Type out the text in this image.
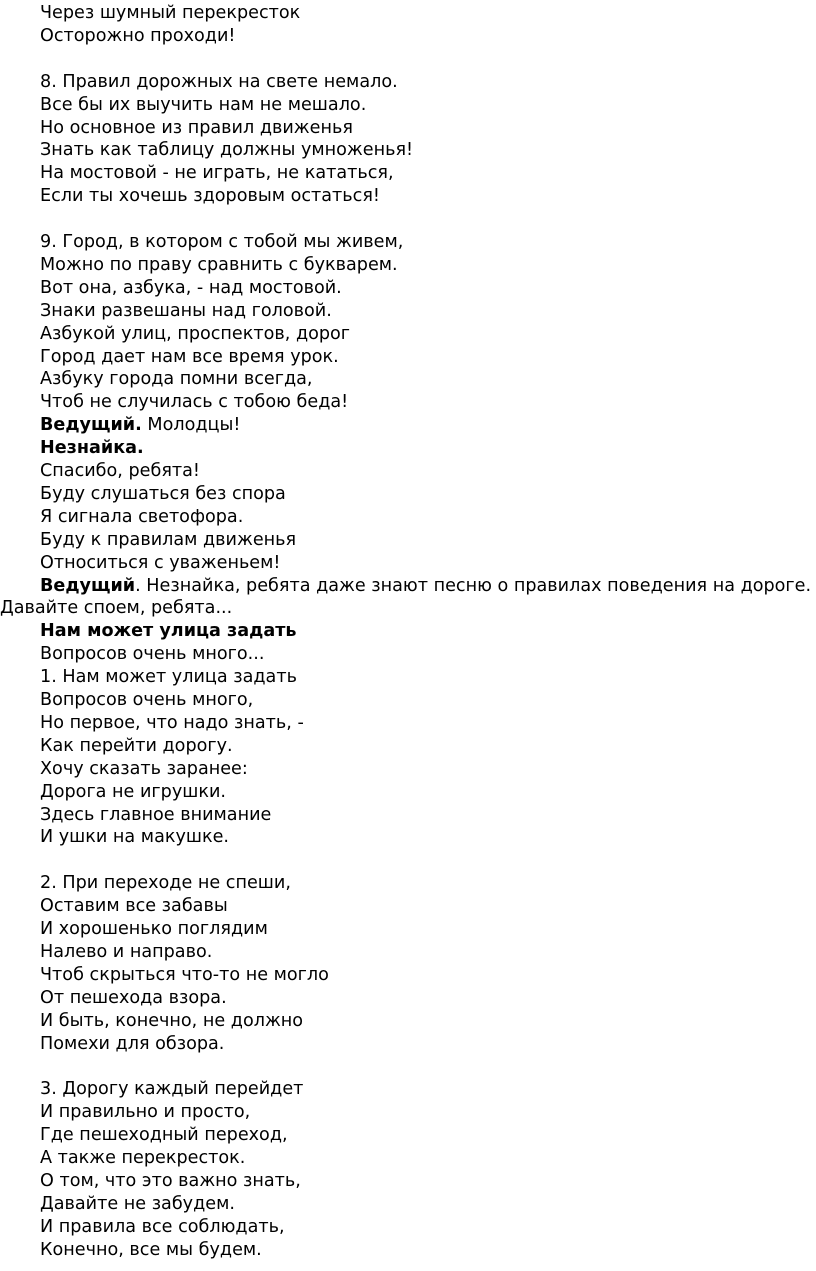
Через шумный перекресток
Осторожно проходи!
8. Правил дорожных на свете немало.
Все бы их выучить нам не мешало.
Но основное из правил движенья
Знать как таблицу должны умноженья!
На мостовой - не играть, не кататься,
Если ты хочешь здоровым остаться!
9. Город, в котором с тобой мы живем,
Можно по праву сравнить с букварем.
Вот она, азбука, - над мостовой.
Знаки развешаны над головой.
Азбукой улиц, проспектов, дорог
Город дает нам все время урок.
Азбуку города помни всегда,
Чтоб не случилась с тобою беда!
Ведущий. Молодцы!
Незнайка.
Спасибо, ребята!
Буду слушаться без спора
Я сигнала светофора.
Буду к правилам движенья
Относиться с уваженьем!
Ведущий. Незнайка, ребята даже знают песню о правилах поведения на дороге.
Давайте споем, ребята...
Нам может улица задать
Вопросов очень много...
1. Нам может улица задать
Вопросов очень много,
Но первое, что надо знать, -
Как перейти дорогу.
Хочу сказать заранее:
Дорога не игрушки.
Здесь главное внимание
И ушки на макушке.
2. При переходе не спеши,
Оставим все забавы
И хорошенько поглядим
Налево и направо.
Чтоб скрыться что-то не могло
От пешехода взора.
И быть, конечно, не должно
Помехи для обзора.
3. Дорогу каждый перейдет
И правильно и просто,
Где пешеходный переход,
А также перекресток.
О том, что это важно знать,
Давайте не забудем.
И правила все соблюдать,
Конечно, все мы будем.
